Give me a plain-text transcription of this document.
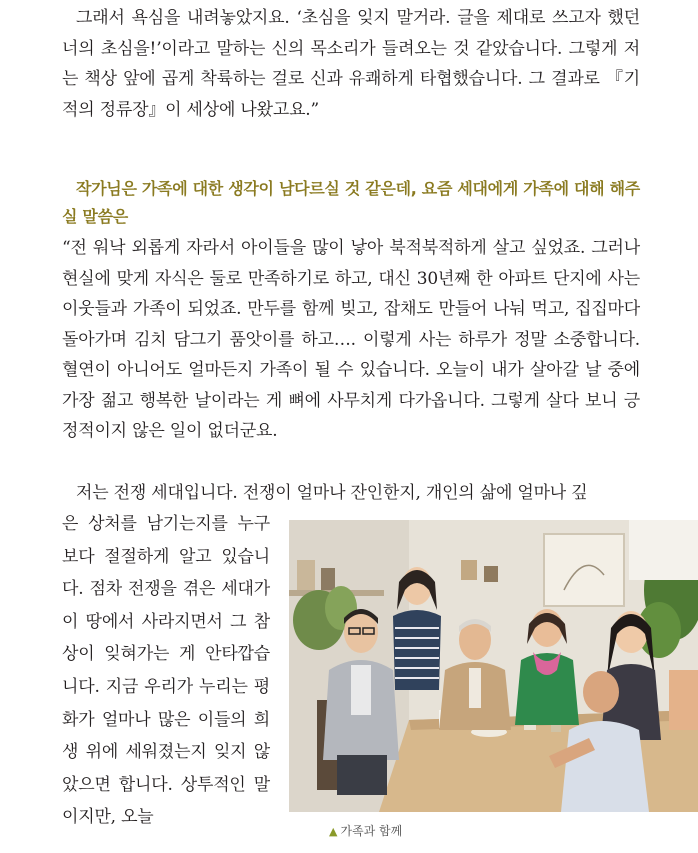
그래서 욕심을 내려놓았지요. ‘초심을 잊지 말거라. 글을 제대로 쓰고자 했던 너의 초심을!’이라고 말하는 신의 목소리가 들려오는 것 같았습니다. 그렇게 저는 책상 앞에 곱게 착륙하는 걸로 신과 유쾌하게 타협했습니다. 그 결과로 『기적의 정류장』이 세상에 나왔고요.”

작가님은 가족에 대한 생각이 남다르실 것 같은데, 요즘 세대에게 가족에 대해 해주실 말씀은

“전 워낙 외롭게 자라서 아이들을 많이 낳아 북적북적하게 살고 싶었죠. 그러나 현실에 맞게 자식은 둘로 만족하기로 하고, 대신 30년째 한 아파트 단지에 사는 이웃들과 가족이 되었죠. 만두를 함께 빚고, 잡채도 만들어 나눠 먹고, 집집마다 돌아가며 김치 담그기 품앗이를 하고…. 이렇게 사는 하루가 정말 소중합니다. 혈연이 아니어도 얼마든지 가족이 될 수 있습니다. 오늘이 내가 살아갈 날 중에 가장 젊고 행복한 날이라는 게 뼈에 사무치게 다가옵니다. 그렇게 살다 보니 긍정적이지 않은 일이 없더군요.

저는 전쟁 세대입니다. 전쟁이 얼마나 잔인한지, 개인의 삶에 얼마나 깊

은 상처를 남기는지를 누구보다 절절하게 알고 있습니다. 점차 전쟁을 겪은 세대가 이 땅에서 사라지면서 그 참상이 잊혀가는 게 안타깝습니다. 지금 우리가 누리는 평화가 얼마나 많은 이들의 희생 위에 세워졌는지 잊지 않았으면 합니다. 상투적인 말이지만, 오늘

▲ 가족과 함께
